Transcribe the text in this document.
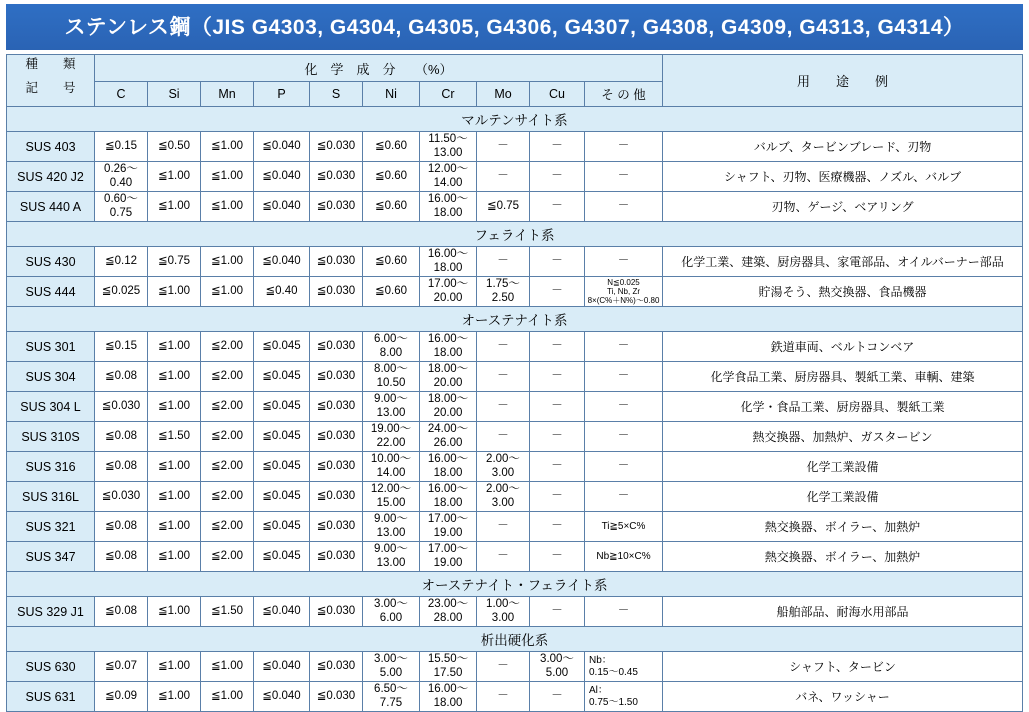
ステンレス鋼（JIS G4303, G4304, G4305, G4306, G4307, G4308, G4309, G4313, G4314）
種　　類
記　　号	化　学　成　分　　（%）										用　　途　　例
	C	Si	Mn	P	S	Ni	Cr	Mo	Cu	そ の 他	
マルテンサイト系											
SUS 403	≦0.15	≦0.50	≦1.00	≦0.040	≦0.030	≦0.60	11.50～
13.00	－	－	－	バルブ、タービンブレード、刃物
SUS 420 J2	0.26～
0.40	≦1.00	≦1.00	≦0.040	≦0.030	≦0.60	12.00～
14.00	－	－	－	シャフト、刃物、医療機器、ノズル、バルブ
SUS 440 A	0.60～
0.75	≦1.00	≦1.00	≦0.040	≦0.030	≦0.60	16.00～
18.00	≦0.75	－	－	刃物、ゲージ、ベアリング
フェライト系											
SUS 430	≦0.12	≦0.75	≦1.00	≦0.040	≦0.030	≦0.60	16.00～
18.00	－	－	－	化学工業、建築、厨房器具、家電部品、オイルバーナー部品
SUS 444	≦0.025	≦1.00	≦1.00	≦0.40	≦0.030	≦0.60	17.00～
20.00	1.75～
2.50	－	N≦0.025
Ti, Nb, Zr
8×(C%＋N%)～0.80	貯湯そう、熱交換器、食品機器
オーステナイト系											
SUS 301	≦0.15	≦1.00	≦2.00	≦0.045	≦0.030	6.00～
8.00	16.00～
18.00	－	－	－	鉄道車両、ベルトコンベア
SUS 304	≦0.08	≦1.00	≦2.00	≦0.045	≦0.030	8.00～
10.50	18.00～
20.00	－	－	－	化学食品工業、厨房器具、製紙工業、車輌、建築
SUS 304 L	≦0.030	≦1.00	≦2.00	≦0.045	≦0.030	9.00～
13.00	18.00～
20.00	－	－	－	化学・食品工業、厨房器具、製紙工業
SUS 310S	≦0.08	≦1.50	≦2.00	≦0.045	≦0.030	19.00～
22.00	24.00～
26.00	－	－	－	熱交換器、加熱炉、ガスタービン
SUS 316	≦0.08	≦1.00	≦2.00	≦0.045	≦0.030	10.00～
14.00	16.00～
18.00	2.00～
3.00	－	－	化学工業設備
SUS 316L	≦0.030	≦1.00	≦2.00	≦0.045	≦0.030	12.00～
15.00	16.00～
18.00	2.00～
3.00	－	－	化学工業設備
SUS 321	≦0.08	≦1.00	≦2.00	≦0.045	≦0.030	9.00～
13.00	17.00～
19.00	－	－	Ti≧5×C%	熱交換器、ボイラー、加熱炉
SUS 347	≦0.08	≦1.00	≦2.00	≦0.045	≦0.030	9.00～
13.00	17.00～
19.00	－	－	Nb≧10×C%	熱交換器、ボイラー、加熱炉
オーステナイト・フェライト系											
SUS 329 J1	≦0.08	≦1.00	≦1.50	≦0.040	≦0.030	3.00～
6.00	23.00～
28.00	1.00～
3.00	－	－	船舶部品、耐海水用部品
析出硬化系											
SUS 630	≦0.07	≦1.00	≦1.00	≦0.040	≦0.030	3.00～
5.00	15.50～
17.50	－	3.00～
5.00	Nb：
0.15～0.45	シャフト、タービン
SUS 631	≦0.09	≦1.00	≦1.00	≦0.040	≦0.030	6.50～
7.75	16.00～
18.00	－	－	Al：
0.75～1.50	バネ、ワッシャー
